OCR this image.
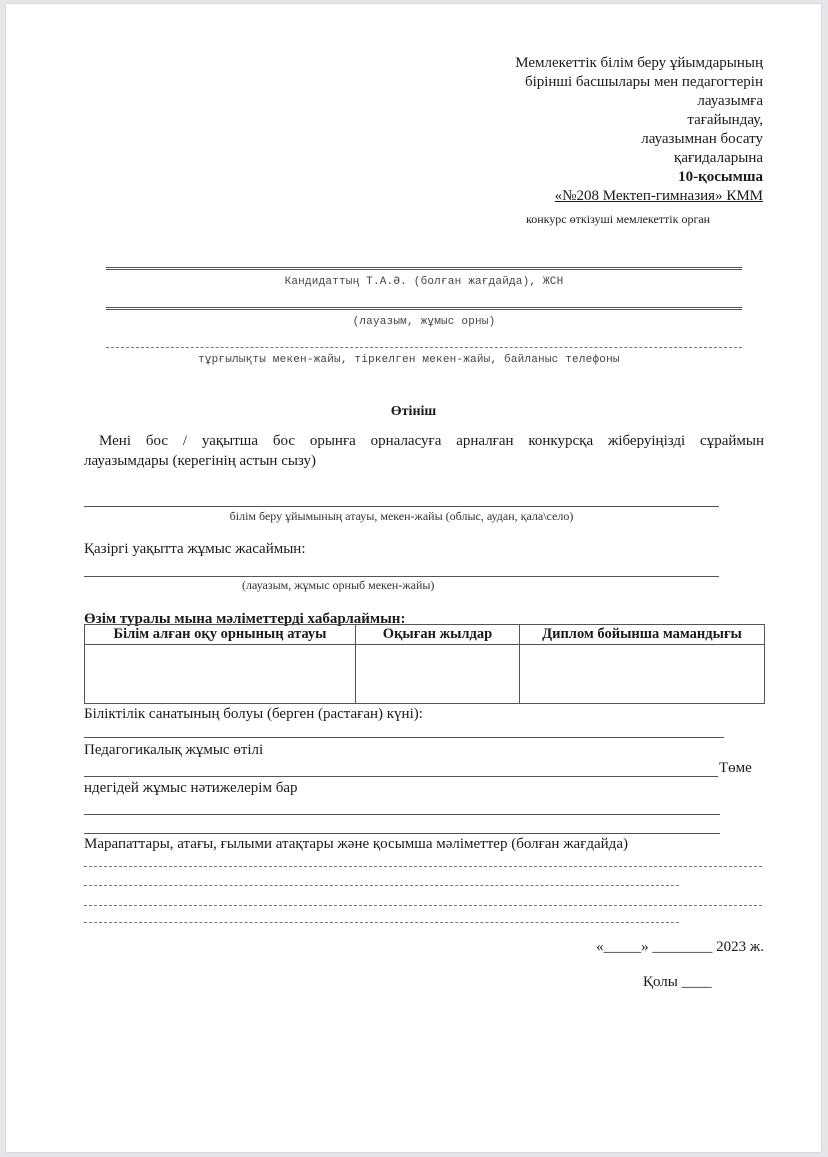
Мемлекеттік білім беру ұйымдарының
бірінші басшылары мен педагогтерін
лауазымға
тағайындау,
лауазымнан босату
қағидаларына
10-қосымша
«№208 Мектеп-гимназия» КММ
конкурс өткізуші мемлекеттік орган
Кандидаттың Т.А.Ә. (болған жағдайда), ЖСН
(лауазым, жұмыс орны)
тұрғылықты мекен-жайы, тіркелген мекен-жайы, байланыс телефоны
Өтініш
Мені бос / уақытша бос орынға орналасуға арналған конкурсқа жіберуіңізді сұраймын
лауазымдары (керегінің астын сызу)
білім беру ұйымының атауы, мекен-жайы (облыс, аудан, қала\село)
Қазіргі уақытта жұмыс жасаймын:
(лауазым, жұмыс орныб мекен-жайы)
Өзім туралы мына мәліметтерді хабарлаймын:
Білім алған оқу орнының атауы	Оқыған жылдар	Диплом бойынша мамандығы

Біліктілік санатының болуы (берген (растаған) күні):
Педагогикалық жұмыс өтілі
Төме
ндегідей жұмыс нәтижелерім бар
Марапаттары, атағы, ғылыми атақтары және қосымша мәліметтер (болған жағдайда)
«_____» ________ 2023 ж.
Қолы ____
